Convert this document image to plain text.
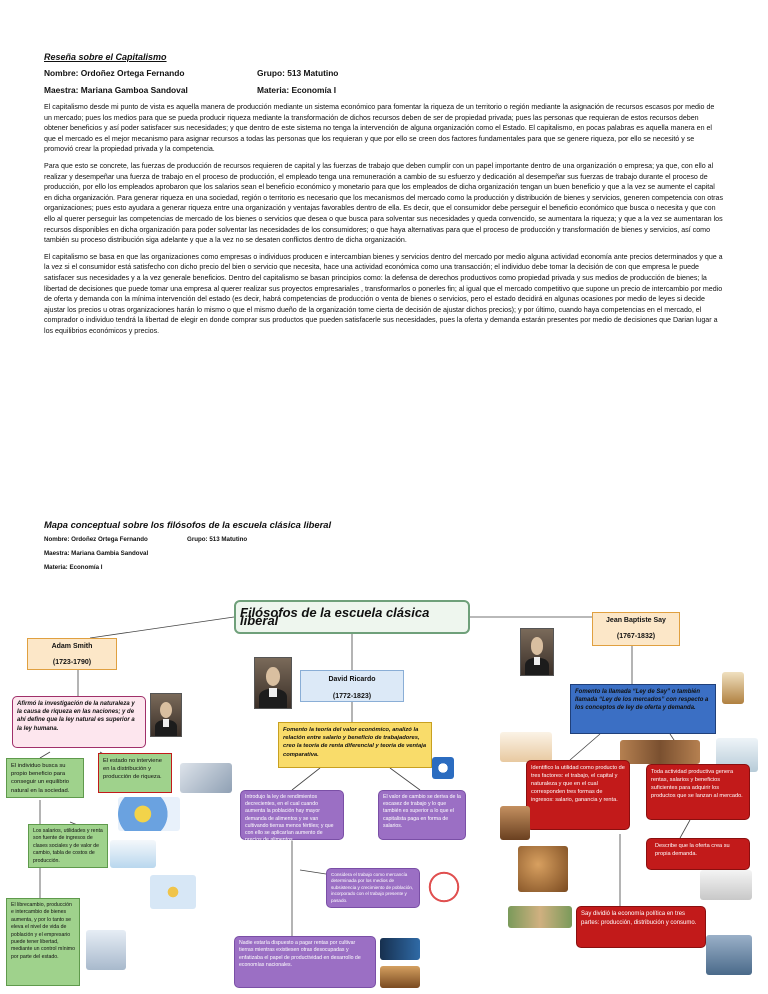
Reseña sobre el Capitalismo
Nombre: Ordoñez Ortega Fernando	Grupo: 513 Matutino
Maestra: Mariana Gamboa Sandoval	Materia: Economía I

El capitalismo desde mi punto de vista es aquella manera de producción mediante un sistema económico para fomentar la riqueza de un territorio o región mediante la asignación de recursos escasos por medio de un mercado; pues los medios para que se pueda producir riqueza mediante la transformación de dichos recursos deben de ser de propiedad privada; pues las personas que requieran de estos recursos deben obtener beneficios y así poder satisfacer sus necesidades; y que dentro de este sistema no tenga la intervención de alguna organización como el Estado. El capitalismo, en pocas palabras es aquella manera en el que el mercado es el mejor mecanismo para asignar recursos a todas las personas que los requieran y que por ello se creen dos factores fundamentales para que se genere riqueza, por ello se necesitó y se promovió crear la propiedad privada y la competencia.

Para que esto se concrete, las fuerzas de producción de recursos requieren de capital y las fuerzas de trabajo que deben cumplir con un papel importante dentro de una organización o empresa; ya que, con ello al realizar y desempeñar una fuerza de trabajo en el proceso de producción, el empleado tenga una remuneración a cambio de su esfuerzo y dedicación al desempeñar sus fuerzas de trabajo durante el proceso de producción, por ello los empleados aprobaron que los salarios sean el beneficio económico y monetario para que los empleados de dicha organización tengan un buen beneficio y que a la vez se aumente el capital en dicha organización. Para generar riqueza en una sociedad, región o territorio es necesario que los mecanismos del mercado como la producción y distribución de bienes y servicios, generen competencia con otras organizaciones; pues esto ayudara a generar riqueza entre una organización y ventajas favorables dentro de ella. Es decir, que el consumidor debe perseguir el beneficio económico que busca o necesita y que con ello al querer perseguir las competencias de mercado de los bienes o servicios que desea o que busca para solventar sus necesidades y queda convencido, se aumentara la riqueza; y que a la vez se aumentaran los recursos disponibles en dicha organización para poder solventar las necesidades de los consumidores; o que haya alternativas para que el proceso de producción y transformación de bienes y servicios, así como también su proceso distribución siga adelante y que a la vez no se desaten conflictos dentro de dicha organización.

El capitalismo se basa en que las organizaciones como empresas o individuos producen e intercambian bienes y servicios dentro del mercado por medio alguna actividad economía ante precios determinados y que a la vez si el consumidor está satisfecho con dicho precio del bien o servicio que necesita, hace una actividad económica como una transacción; el individuo debe tomar la decisión de con que empresa le puede satisfacer sus necesidades y a la vez generale beneficios. Dentro del capitalismo se basan principios como: la defensa de derechos productivos como propiedad privada y sus medios de producción de bienes; la libertad de decisiones que puede tomar una empresa al querer realizar sus proyectos empresariales , transformarlos o ponerles fin; al igual que el mercado competitivo que supone un precio de intercambio por medio de oferta y demanda con la mínima intervención del estado (es decir, habrá competencias de producción o venta de bienes o servicios, pero el estado decidirá en algunas ocasiones por medio de leyes si decide ajustar los precios u otras organizaciones harán lo mismo o que el mismo dueño de la organización tome cierta de decisión de ajustar dichos precios); y por último, cuando haya competencias en el mercado, el comprador o individuo tendrá la libertad de elegir en donde comprar sus productos que pueden satisfacerle sus necesidades, pues la oferta y demanda estarán presentes por medio de decisiones que Darian lugar a los equilibrios económicos y precios.

Mapa conceptual sobre los filósofos de la escuela clásica liberal
Nombre: Ordoñez Ortega Fernando	Grupo: 513 Matutino
Maestra: Mariana Gambia Sandoval
Materia: Economía I
Filósofos de la escuela clásica liberal
Adam Smith
(1723-1790)
Afirmó la investigación de la naturaleza y la causa de riqueza en las naciones; y de ahí define que la ley natural es superior a la ley humana.
El individuo busca su propio beneficio para conseguir un equilibrio natural en la sociedad.
El estado no interviene en la distribución y producción de riqueza.
Los salarios, utilidades y renta son fuente de ingresos de clases sociales y de valor de cambio, tabla de costos de producción.
El librecambio, producción e intercambio de bienes aumenta, y por lo tanto se eleva el nivel de vida de población y el empresario puede tener libertad, mediante un control mínimo por parte del estado.
David Ricardo
(1772-1823)
Fomento la teoría del valor económico, analizó la relación entre salario y beneficio de trabajadores, creo la teoría de renta diferencial y teoría de ventaja comparativa.
Introdujo la ley de rendimientos decrecientes, en el cual cuando aumenta la población hay mayor demanda de alimentos y se van cultivando tierras menos fértiles; y que con ello se aplicarían aumento de precios de alimentos.
El valor de cambio se deriva de la escasez de trabajo y lo que también es superior a lo que el capitalista paga en forma de salarios.
Considera el trabajo como mercancía determinada por los medios de subsistencia y crecimiento de población, incorporado con el trabajo presente y pasado.
Nadie estaría dispuesto a pagar rentas por cultivar tierras mientras existiesen otras desocupadas y enfatizaba el papel de productividad en desarrollo de economías nacionales.
Jean Baptiste Say
(1767-1832)
Fomento la llamada “Ley de Say” o también llamada “Ley de los mercados” con respecto a los conceptos de ley de oferta y demanda.
Identifico la utilidad como producto de tres factores: el trabajo, el capital y naturaleza y que en el cual corresponden tres formas de ingresos: salario, ganancia y renta.
Toda actividad productiva genera rentas, salarios y beneficios suficientes para adquirir los productos que se lanzan al mercado.
Describe que la oferta crea su propia demanda.
Say dividió la economía política en tres partes: producción, distribución y consumo.
